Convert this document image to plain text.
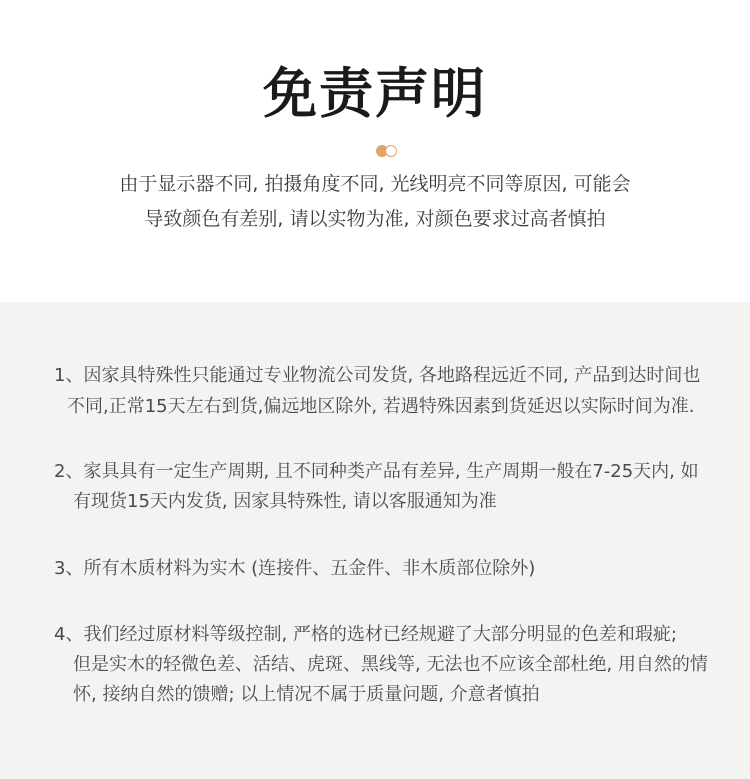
免责声明
由于显示器不同, 拍摄角度不同, 光线明亮不同等原因, 可能会
导致颜色有差别, 请以实物为准, 对颜色要求过高者慎拍
1、因家具特殊性只能通过专业物流公司发货, 各地路程远近不同, 产品到达时间也
不同,正常15天左右到货,偏远地区除外, 若遇特殊因素到货延迟以实际时间为准.
2、家具具有一定生产周期, 且不同种类产品有差异, 生产周期一般在7-25天内, 如
有现货15天内发货, 因家具特殊性, 请以客服通知为准
3、所有木质材料为实木 (连接件、五金件、非木质部位除外)
4、我们经过原材料等级控制, 严格的选材已经规避了大部分明显的色差和瑕疵;
但是实木的轻微色差、活结、虎斑、黑线等, 无法也不应该全部杜绝, 用自然的情
怀, 接纳自然的馈赠; 以上情况不属于质量问题, 介意者慎拍
